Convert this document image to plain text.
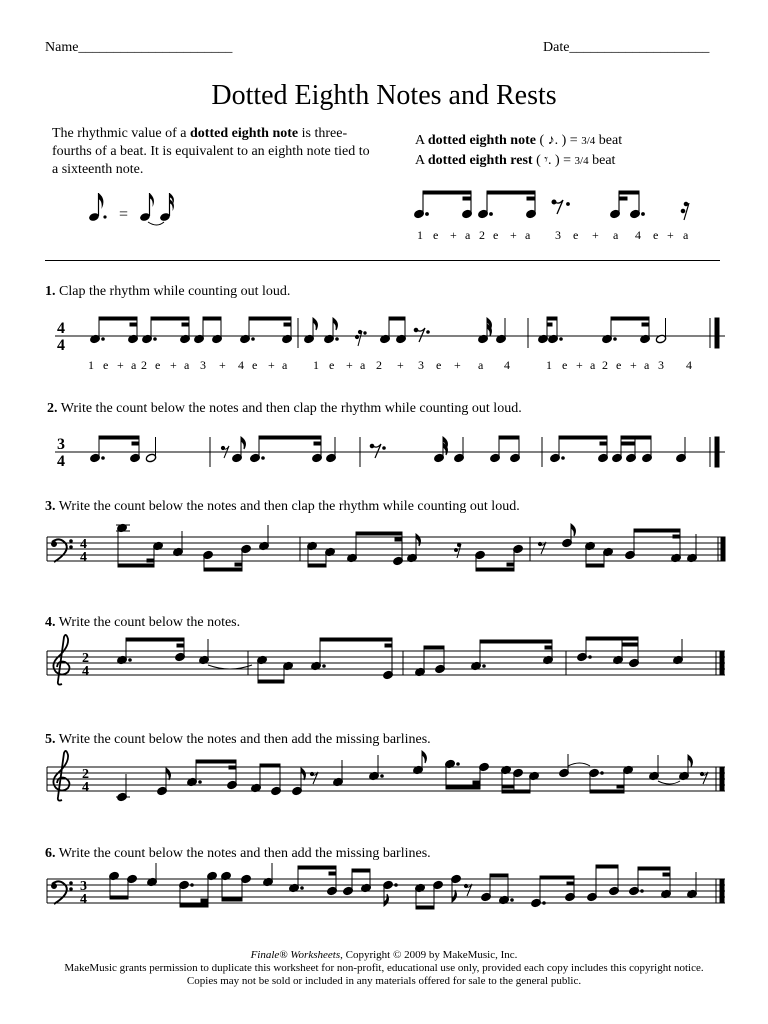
Name______________________	Date____________________
Dotted Eighth Notes and Rests
The rhythmic value of a dotted eighth note is three-fourths of a beat. It is equivalent to an eighth note tied to a sixteenth note.
=
A dotted eighth note ( ♪. ) = 3/4 beat
A dotted eighth rest ( 𝄾. ) = 3/4 beat
1 e + a 2 e + a 3 e + a 4 e + a
1. Clap the rhythm while counting out loud.
4
4
1 e + a 2 e + a 3 + 4 e + a 1 e + a 2 + 3 e + a 4	1 e + a 2 e + a 3 4
2. Write the count below the notes and then clap the rhythm while counting out loud.
3
4
3. Write the count below the notes and then clap the rhythm while counting out loud.
4
4
4. Write the count below the notes.
2
4
5. Write the count below the notes and then add the missing barlines.
2
4
6. Write the count below the notes and then add the missing barlines.
3
4
Finale® Worksheets, Copyright © 2009 by MakeMusic, Inc.
MakeMusic grants permission to duplicate this worksheet for non-profit, educational use only, provided each copy includes this copyright notice.
Copies may not be sold or included in any materials offered for sale to the general public.
